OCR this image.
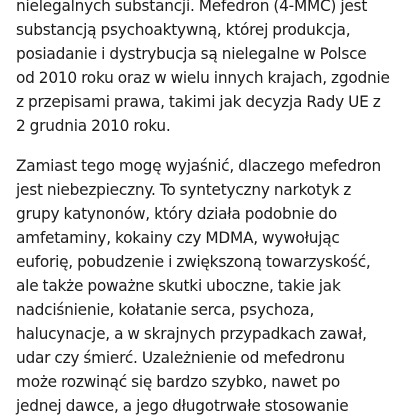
nielegalnych substancji. Mefedron (4-MMC) jest
substancją psychoaktywną, której produkcja,
posiadanie i dystrybucja są nielegalne w Polsce
od 2010 roku oraz w wielu innych krajach, zgodnie
z przepisami prawa, takimi jak decyzja Rady UE z
2 grudnia 2010 roku.
Zamiast tego mogę wyjaśnić, dlaczego mefedron
jest niebezpieczny. To syntetyczny narkotyk z
grupy katynonów, który działa podobnie do
amfetaminy, kokainy czy MDMA, wywołując
euforię, pobudzenie i zwiększoną towarzyskość,
ale także poważne skutki uboczne, takie jak
nadciśnienie, kołatanie serca, psychoza,
halucynacje, a w skrajnych przypadkach zawał,
udar czy śmierć. Uzależnienie od mefedronu
może rozwinąć się bardzo szybko, nawet po
jednej dawce, a jego długotrwałe stosowanie
